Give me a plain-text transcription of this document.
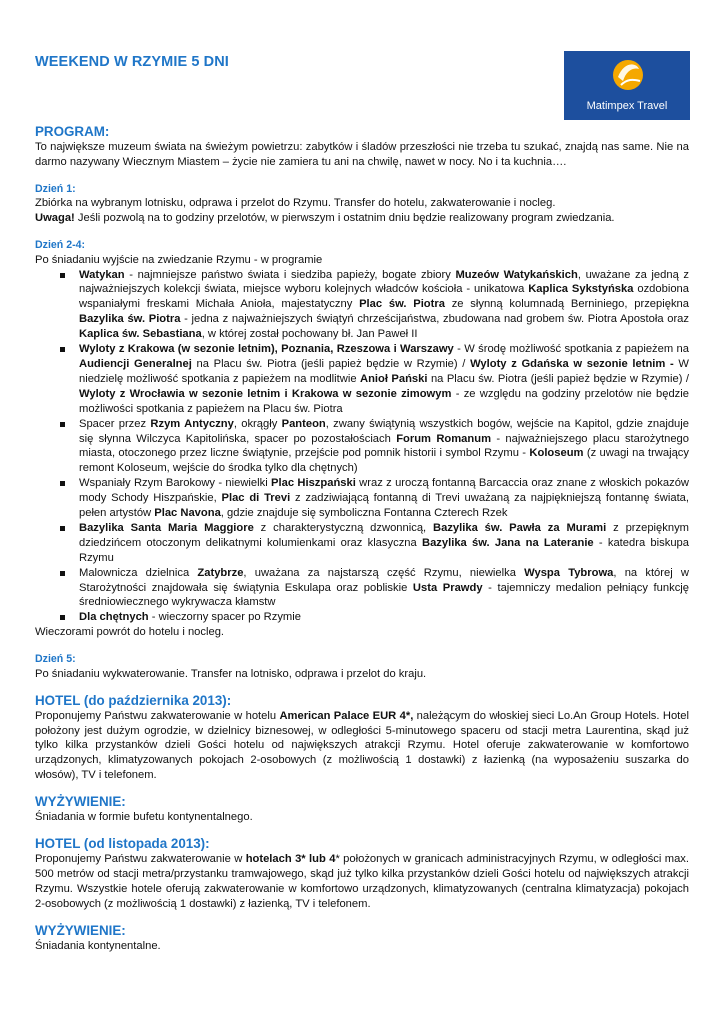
WEEKEND W RZYMIE 5 DNI
Matimpex Travel
PROGRAM:

To największe muzeum świata na świeżym powietrzu: zabytków i śladów przeszłości nie trzeba tu szukać, znajdą nas same. Nie na darmo nazywany Wiecznym Miastem – życie nie zamiera tu ani na chwilę, nawet w nocy. No i ta kuchnia….

Dzień 1:

Zbiórka na wybranym lotnisku, odprawa i przelot do Rzymu. Transfer do hotelu, zakwaterowanie i nocleg.

Uwaga! Jeśli pozwolą na to godziny przelotów, w pierwszym i ostatnim dniu będzie realizowany program zwiedzania.

Dzień 2-4:

Po śniadaniu wyjście na zwiedzanie Rzymu - w programie

Watykan - najmniejsze państwo świata i siedziba papieży, bogate zbiory Muzeów Watykańskich, uważane za jedną z najważniejszych kolekcji świata, miejsce wyboru kolejnych władców kościoła - unikatowa Kaplica Sykstyńska ozdobiona wspaniałymi freskami Michała Anioła, majestatyczny Plac św. Piotra ze słynną kolumnadą Berniniego, przepiękna Bazylika św. Piotra - jedna z najważniejszych świątyń chrześcijaństwa, zbudowana nad grobem św. Piotra Apostoła oraz Kaplica św. Sebastiana, w której został pochowany bł. Jan Paweł II
Wyloty z Krakowa (w sezonie letnim), Poznania, Rzeszowa i Warszawy - W środę możliwość spotkania z papieżem na Audiencji Generalnej na Placu św. Piotra (jeśli papież będzie w Rzymie) / Wyloty z Gdańska w sezonie letnim - W niedzielę możliwość spotkania z papieżem na modlitwie Anioł Pański na Placu św. Piotra (jeśli papież będzie w Rzymie) / Wyloty z Wrocławia w sezonie letnim i Krakowa w sezonie zimowym - ze względu na godziny przelotów nie będzie możliwości spotkania z papieżem na Placu św. Piotra
Spacer przez Rzym Antyczny, okrągły Panteon, zwany świątynią wszystkich bogów, wejście na Kapitol, gdzie znajduje się słynna Wilczyca Kapitolińska, spacer po pozostałościach Forum Romanum - najważniejszego placu starożytnego miasta, otoczonego przez liczne świątynie, przejście pod pomnik historii i symbol Rzymu - Koloseum (z uwagi na trwający remont Koloseum, wejście do środka tylko dla chętnych)
Wspaniały Rzym Barokowy - niewielki Plac Hiszpański wraz z uroczą fontanną Barcaccia oraz znane z włoskich pokazów mody Schody Hiszpańskie, Plac di Trevi z zadziwiającą fontanną di Trevi uważaną za najpiękniejszą fontannę świata, pełen artystów Plac Navona, gdzie znajduje się symboliczna Fontanna Czterech Rzek
Bazylika Santa Maria Maggiore z charakterystyczną dzwonnicą, Bazylika św. Pawła za Murami z przepięknym dziedzińcem otoczonym delikatnymi kolumienkami oraz klasyczna Bazylika św. Jana na Lateranie - katedra biskupa Rzymu
Malownicza dzielnica Zatybrze, uważana za najstarszą część Rzymu, niewielka Wyspa Tybrowa, na której w Starożytności znajdowała się świątynia Eskulapa oraz pobliskie Usta Prawdy - tajemniczy medalion pełniący funkcję średniowiecznego wykrywacza kłamstw
Dla chętnych - wieczorny spacer po Rzymie

Wieczorami powrót do hotelu i nocleg.

Dzień 5:

Po śniadaniu wykwaterowanie. Transfer na lotnisko, odprawa i przelot do kraju.

HOTEL (do października 2013):

Proponujemy Państwu zakwaterowanie w hotelu American Palace EUR 4*, należącym do włoskiej sieci Lo.An Group Hotels. Hotel położony jest dużym ogrodzie, w dzielnicy biznesowej, w odległości 5-minutowego spaceru od stacji metra Laurentina, skąd już tylko kilka przystanków dzieli Gości hotelu od największych atrakcji Rzymu. Hotel oferuje zakwaterowanie w komfortowo urządzonych, klimatyzowanych pokojach 2-osobowych (z możliwością 1 dostawki) z łazienką (na wyposażeniu suszarka do włosów), TV i telefonem.

WYŻYWIENIE:

Śniadania w formie bufetu kontynentalnego.

HOTEL (od listopada 2013):

Proponujemy Państwu zakwaterowanie w hotelach 3* lub 4* położonych w granicach administracyjnych Rzymu, w odległości max. 500 metrów od stacji metra/przystanku tramwajowego, skąd już tylko kilka przystanków dzieli Gości hotelu od największych atrakcji Rzymu. Wszystkie hotele oferują zakwaterowanie w komfortowo urządzonych, klimatyzowanych (centralna klimatyzacja) pokojach 2-osobowych (z możliwością 1 dostawki) z łazienką, TV i telefonem.

WYŻYWIENIE:

Śniadania kontynentalne.
